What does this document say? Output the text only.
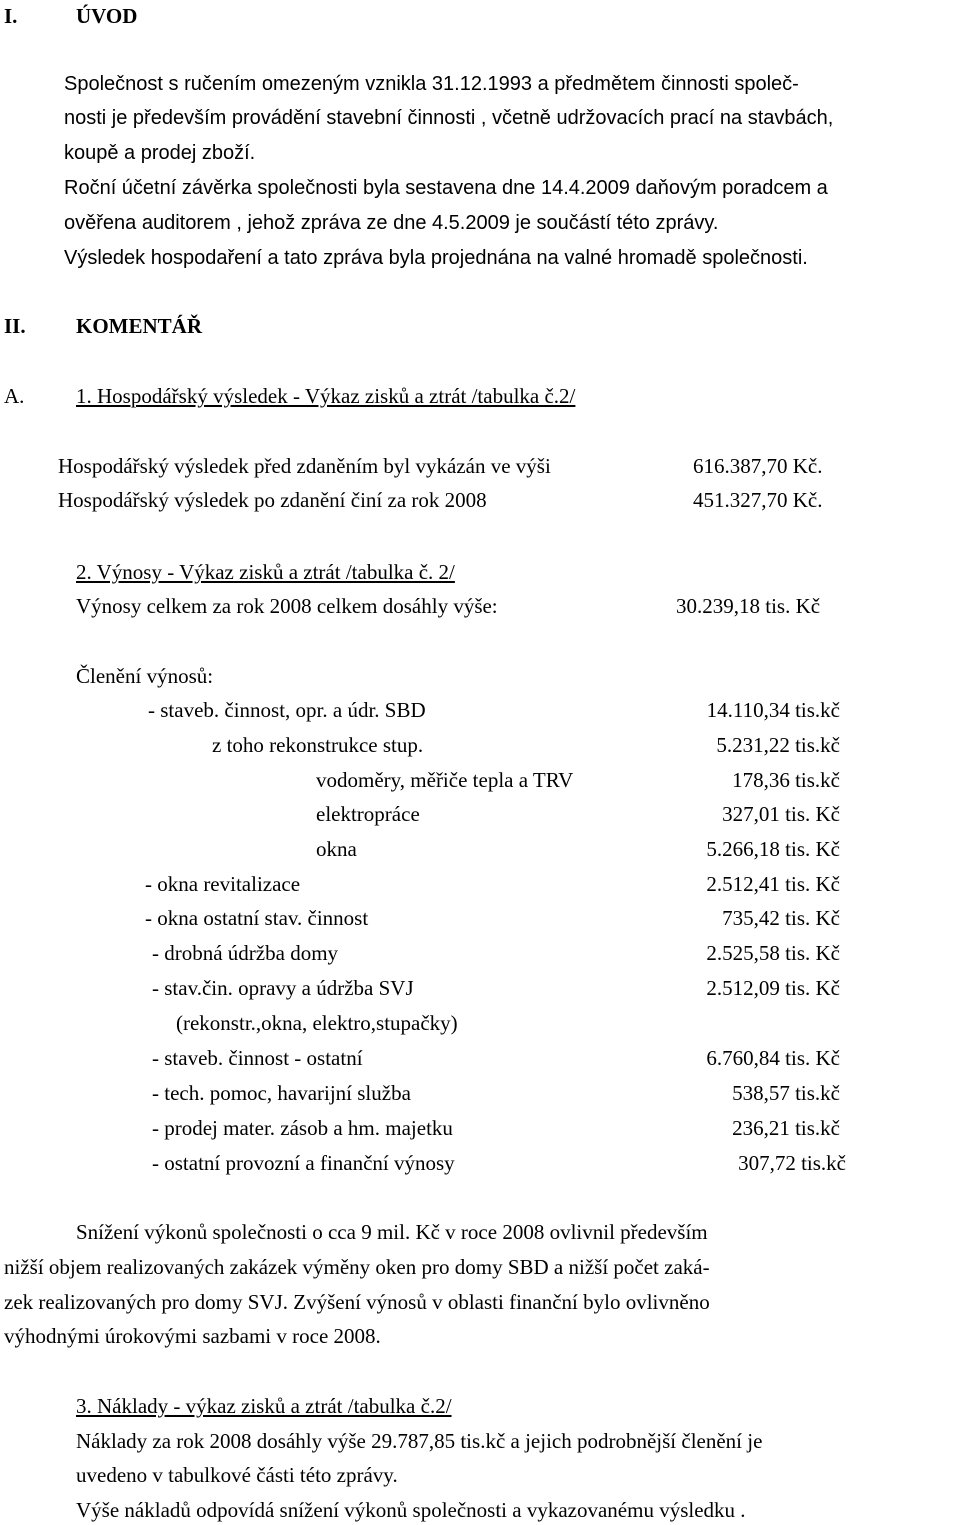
I.	ÚVOD
Společnost s ručením omezeným vznikla 31.12.1993 a předmětem činnosti společ-
nosti je především provádění stavební činnosti , včetně udržovacích prací na stavbách,
koupě a prodej zboží.
Roční účetní závěrka společnosti byla sestavena dne 14.4.2009 daňovým poradcem a
ověřena auditorem , jehož zpráva ze dne 4.5.2009 je součástí této zprávy.
Výsledek hospodaření a tato zpráva byla projednána na valné hromadě společnosti.
II. KOMENTÁŘ
A. 1. Hospodářský výsledek - Výkaz zisků a ztrát /tabulka č.2/
Hospodářský výsledek před zdaněním byl vykázán ve výši	616.387,70 Kč.
Hospodářský výsledek po zdanění činí za rok 2008	451.327,70 Kč.
2. Výnosy - Výkaz zisků a ztrát /tabulka č. 2/
Výnosy celkem za rok 2008 celkem dosáhly výše:	30.239,18 tis. Kč
Členění výnosů:
- staveb. činnost, opr. a údr. SBD	14.110,34 tis.kč
z toho rekonstrukce stup.	5.231,22 tis.kč
vodoměry, měřiče tepla a TRV	178,36 tis.kč
elektropráce	327,01 tis. Kč
okna	5.266,18 tis. Kč
- okna revitalizace	2.512,41 tis. Kč
- okna ostatní stav. činnost	735,42 tis. Kč
- drobná údržba domy	2.525,58 tis. Kč
- stav.čin. opravy a údržba SVJ	2.512,09 tis. Kč
(rekonstr.,okna, elektro,stupačky)
- staveb. činnost - ostatní	6.760,84 tis. Kč
- tech. pomoc, havarijní služba	538,57 tis.kč
- prodej mater. zásob a hm. majetku	236,21 tis.kč
- ostatní provozní a finanční výnosy	307,72 tis.kč
Snížení výkonů společnosti o cca 9 mil. Kč v roce 2008 ovlivnil především
nižší objem realizovaných zakázek výměny oken pro domy SBD a nižší počet zaká-
zek realizovaných pro domy SVJ. Zvýšení výnosů v oblasti finanční bylo ovlivněno
výhodnými úrokovými sazbami v roce 2008.
3. Náklady - výkaz zisků a ztrát /tabulka č.2/
Náklady za rok 2008 dosáhly výše 29.787,85 tis.kč a jejich podrobnější členění je
uvedeno v tabulkové části této zprávy.
Výše nákladů odpovídá snížení výkonů společnosti a vykazovanému výsledku .
